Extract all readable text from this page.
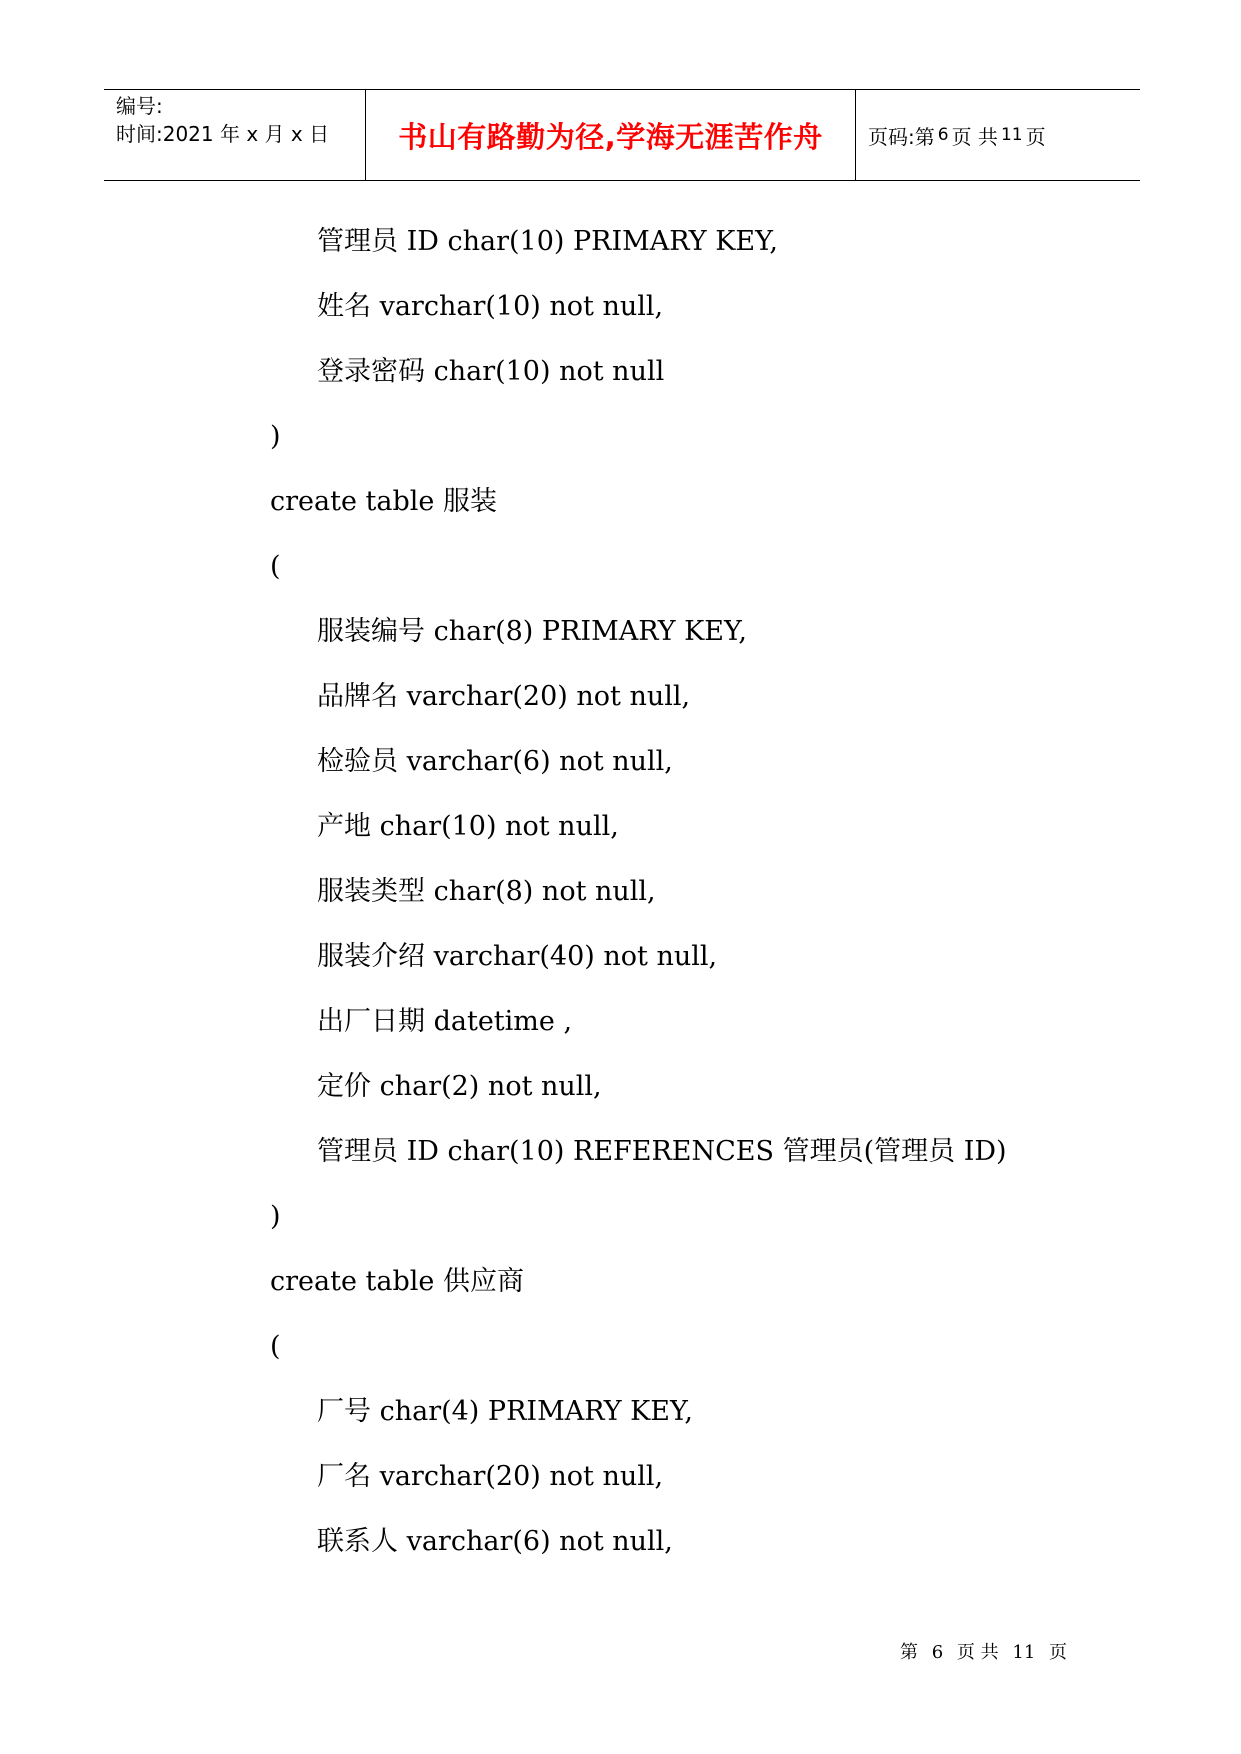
编号:
时间:2021 年 x 月 x 日 书山有路勤为径,学海无涯苦作舟 页码:第 6 页 共 11 页
管理员 ID char(10) PRIMARY KEY,
姓名 varchar(10) not null,
登录密码 char(10) not null
)
create table 服装
(
服装编号 char(8) PRIMARY KEY,
品牌名 varchar(20) not null,
检验员 varchar(6) not null,
产地 char(10) not null,
服装类型 char(8) not null,
服装介绍 varchar(40) not null,
出厂日期 datetime ,
定价 char(2) not null,
管理员 ID char(10) REFERENCES 管理员(管理员 ID)
)
create table 供应商
(
厂号 char(4) PRIMARY KEY,
厂名 varchar(20) not null,
联系人 varchar(6) not null,
第 6 页 共 11 页
